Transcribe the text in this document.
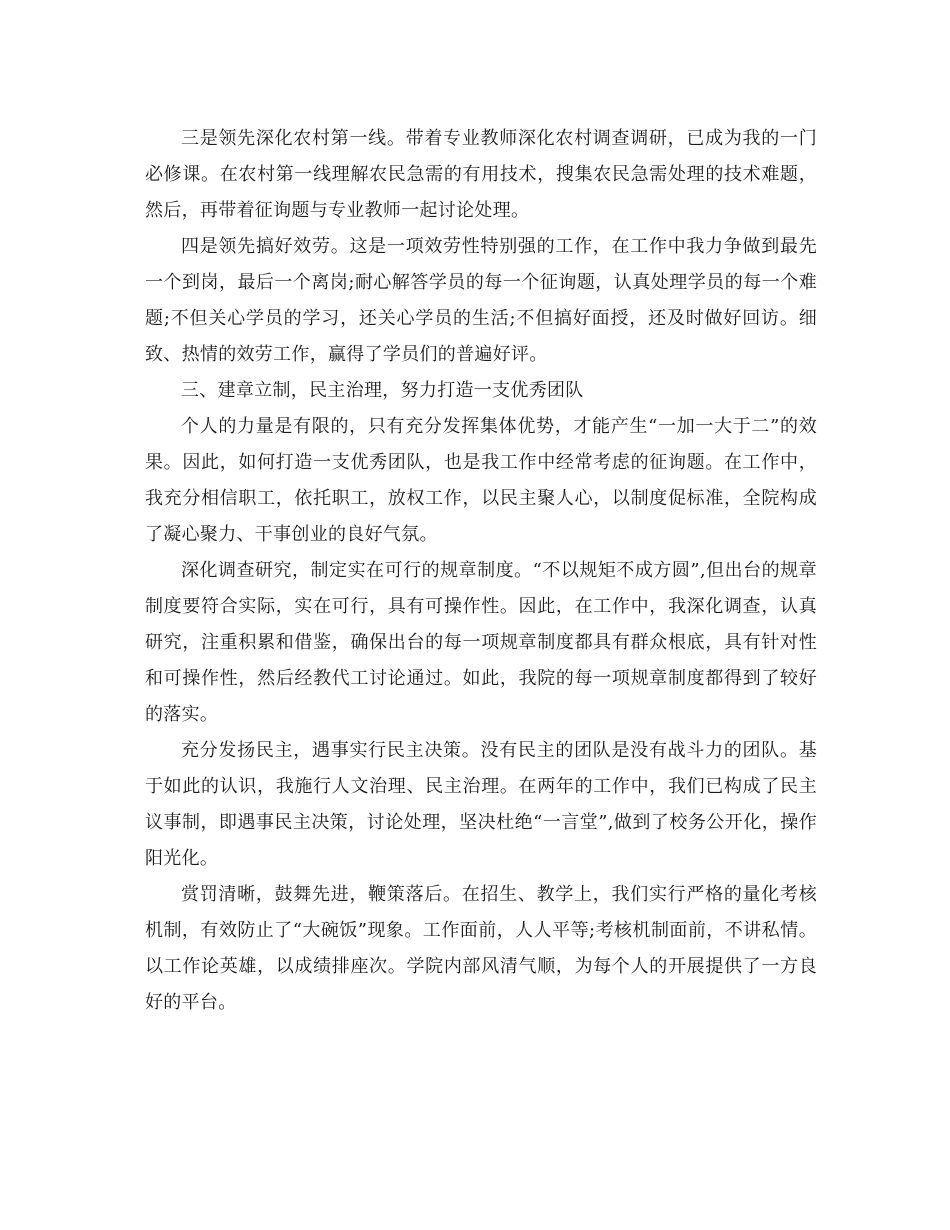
三是领先深化农村第一线。带着专业教师深化农村调查调研，已成为我的一门必修课。在农村第一线理解农民急需的有用技术，搜集农民急需处理的技术难题，然后，再带着征询题与专业教师一起讨论处理。

四是领先搞好效劳。这是一项效劳性特别强的工作，在工作中我力争做到最先一个到岗，最后一个离岗;耐心解答学员的每一个征询题，认真处理学员的每一个难题;不但关心学员的学习，还关心学员的生活;不但搞好面授，还及时做好回访。细致、热情的效劳工作，赢得了学员们的普遍好评。

三、建章立制，民主治理，努力打造一支优秀团队

个人的力量是有限的，只有充分发挥集体优势，才能产生“一加一大于二”的效果。因此，如何打造一支优秀团队，也是我工作中经常考虑的征询题。在工作中，我充分相信职工，依托职工，放权工作，以民主聚人心，以制度促标准，全院构成了凝心聚力、干事创业的良好气氛。

深化调查研究，制定实在可行的规章制度。“不以规矩不成方圆”,但出台的规章制度要符合实际，实在可行，具有可操作性。因此，在工作中，我深化调查，认真研究，注重积累和借鉴，确保出台的每一项规章制度都具有群众根底，具有针对性和可操作性，然后经教代工讨论通过。如此，我院的每一项规章制度都得到了较好的落实。

充分发扬民主，遇事实行民主决策。没有民主的团队是没有战斗力的团队。基于如此的认识，我施行人文治理、民主治理。在两年的工作中，我们已构成了民主议事制，即遇事民主决策，讨论处理，坚决杜绝“一言堂”,做到了校务公开化，操作阳光化。

赏罚清晰，鼓舞先进，鞭策落后。在招生、教学上，我们实行严格的量化考核机制，有效防止了“大碗饭”现象。工作面前，人人平等;考核机制面前，不讲私情。以工作论英雄，以成绩排座次。学院内部风清气顺，为每个人的开展提供了一方良好的平台。
